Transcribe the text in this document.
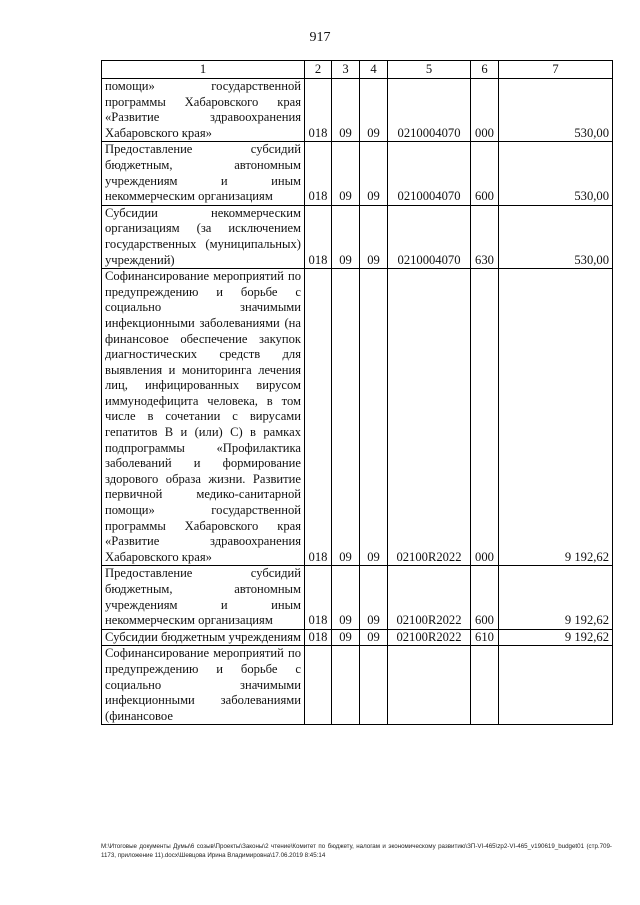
917
1	2	3	4	5	6	7
помощи» государственной программы Хабаровского края «Развитие здравоохранения Хабаровского края»	018	09	09	0210004070	000	530,00
Предоставление субсидий бюджетным, автономным учреждениям и иным некоммерческим организациям	018	09	09	0210004070	600	530,00
Субсидии некоммерческим организациям (за исключением государственных (муниципальных) учреждений)	018	09	09	0210004070	630	530,00
Софинансирование мероприятий по предупреждению и борьбе с социально значимыми инфекционными заболеваниями (на финансовое обеспечение закупок диагностических средств для выявления и мониторинга лечения лиц, инфицированных вирусом иммунодефицита человека, в том числе в сочетании с вирусами гепатитов B и (или) C) в рамках подпрограммы «Профилактика заболеваний и формирование здорового образа жизни. Развитие первичной медико-санитарной помощи» государственной программы Хабаровского края «Развитие здравоохранения Хабаровского края»	018	09	09	02100R2022	000	9 192,62
Предоставление субсидий бюджетным, автономным учреждениям и иным некоммерческим организациям	018	09	09	02100R2022	600	9 192,62
Субсидии бюджетным учреждениям	018	09	09	02100R2022	610	9 192,62
Софинансирование мероприятий по предупреждению и борьбе с социально значимыми инфекционными заболеваниями (финансовое						
M:\Итоговые документы Думы\6 созыв\Проекты\Законы\2 чтение\Комитет по бюджету, налогам и экономическому развитию\ЗП-VI-465\zp2-VI-465_v190619_budget01 (стр.709-1173, приложение 11).docx\Шевцова Ирина Владимировна\17.06.2019 8:45:14
